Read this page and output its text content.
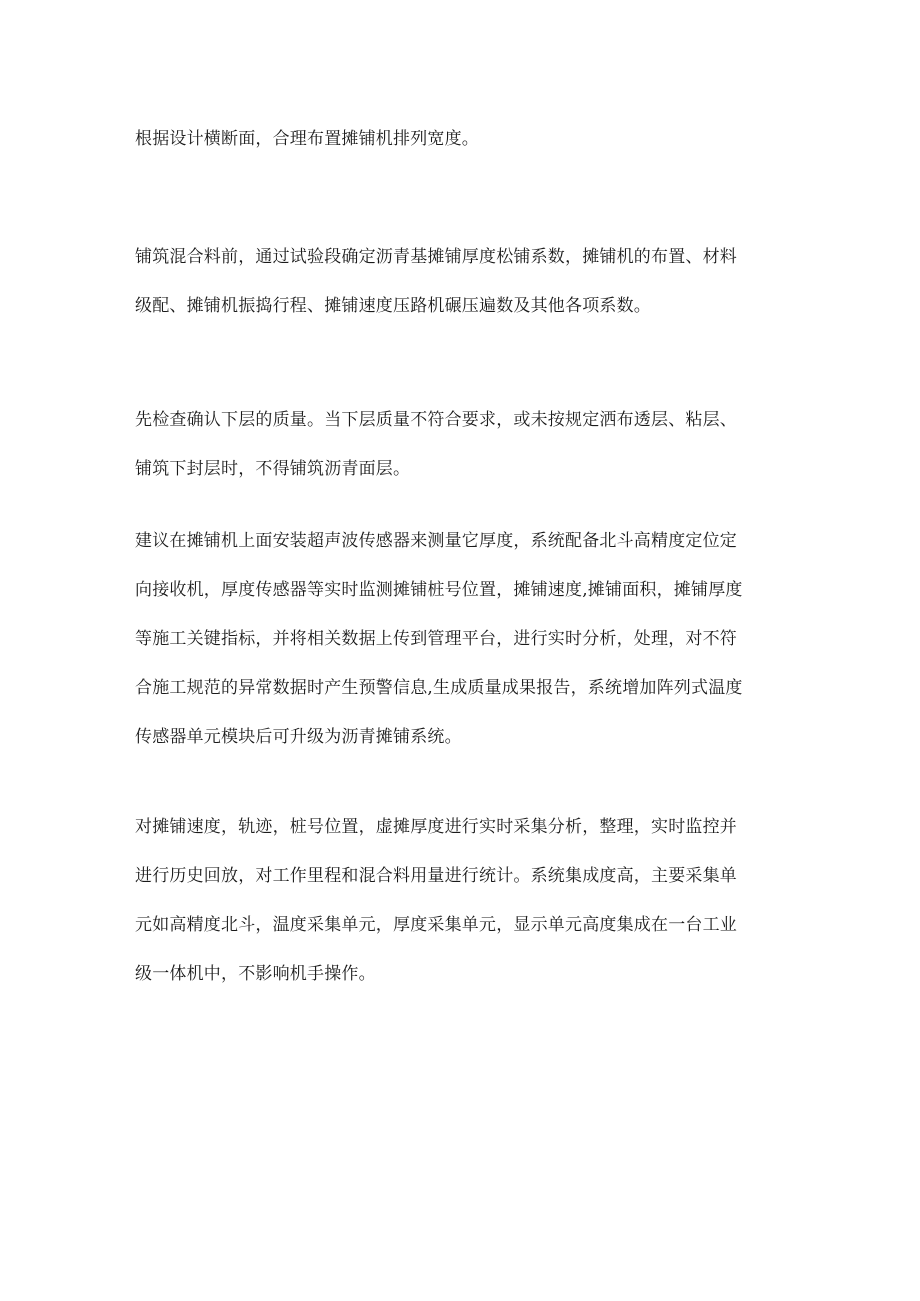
根据设计横断面，合理布置摊铺机排列宽度。

铺筑混合料前，通过试验段确定沥青基摊铺厚度松铺系数，摊铺机的布置、材料
级配、摊铺机振捣行程、摊铺速度压路机碾压遍数及其他各项系数。

先检查确认下层的质量。当下层质量不符合要求，或未按规定洒布透层、粘层、
铺筑下封层时，不得铺筑沥青面层。

建议在摊铺机上面安装超声波传感器来测量它厚度，系统配备北斗高精度定位定
向接收机，厚度传感器等实时监测摊铺桩号位置，摊铺速度,摊铺面积，摊铺厚度
等施工关键指标，并将相关数据上传到管理平台，进行实时分析，处理，对不符
合施工规范的异常数据时产生预警信息,生成质量成果报告，系统增加阵列式温度
传感器单元模块后可升级为沥青摊铺系统。

对摊铺速度，轨迹，桩号位置，虚摊厚度进行实时采集分析，整理，实时监控并
进行历史回放，对工作里程和混合料用量进行统计。系统集成度高，主要采集单
元如高精度北斗，温度采集单元，厚度采集单元，显示单元高度集成在一台工业
级一体机中，不影响机手操作。
